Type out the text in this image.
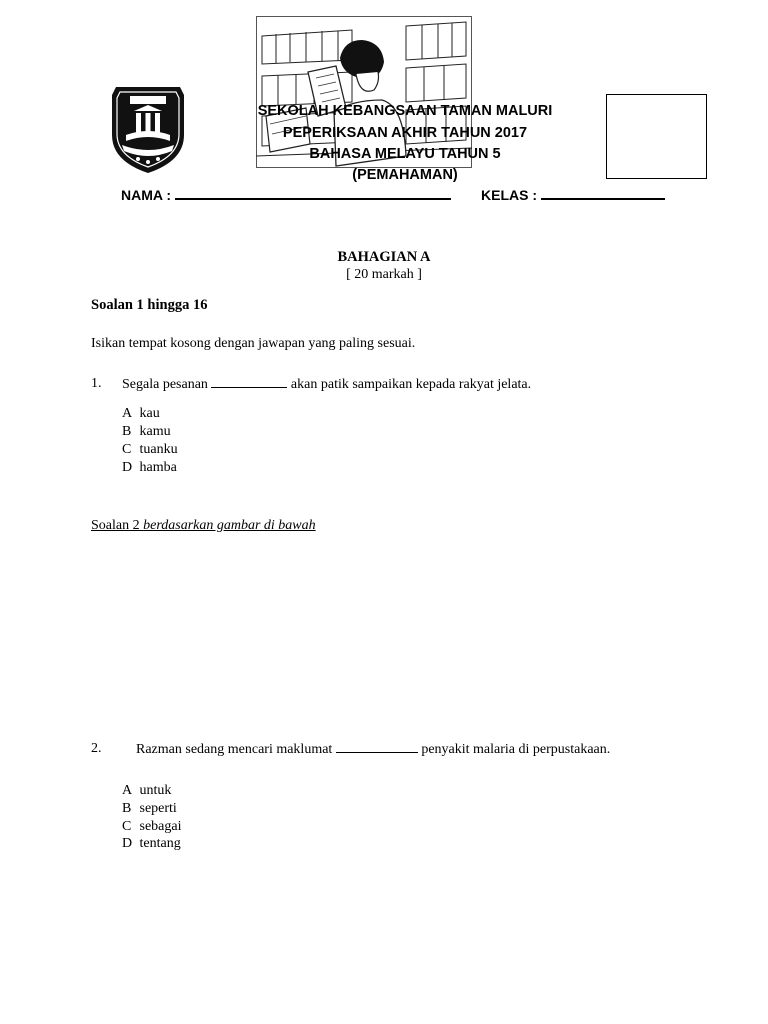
SEKOLAH KEBANGSAAN TAMAN MALURI
PEPERIKSAAN AKHIR TAHUN 2017
BAHASA MELAYU TAHUN 5
(PEMAHAMAN)
NAMA :	KELAS :
BAHAGIAN A
[ 20 markah ]
Soalan 1 hingga 16
Isikan tempat kosong dengan jawapan yang paling sesuai.
1. Segala pesanan	akan patik sampaikan kepada rakyat jelata.
A kau
B kamu
C tuanku
D hamba
Soalan 2 berdasarkan gambar di bawah
2. Razman sedang mencari maklumat	penyakit malaria di perpustakaan.
A untuk
B seperti
C sebagai
D tentang
